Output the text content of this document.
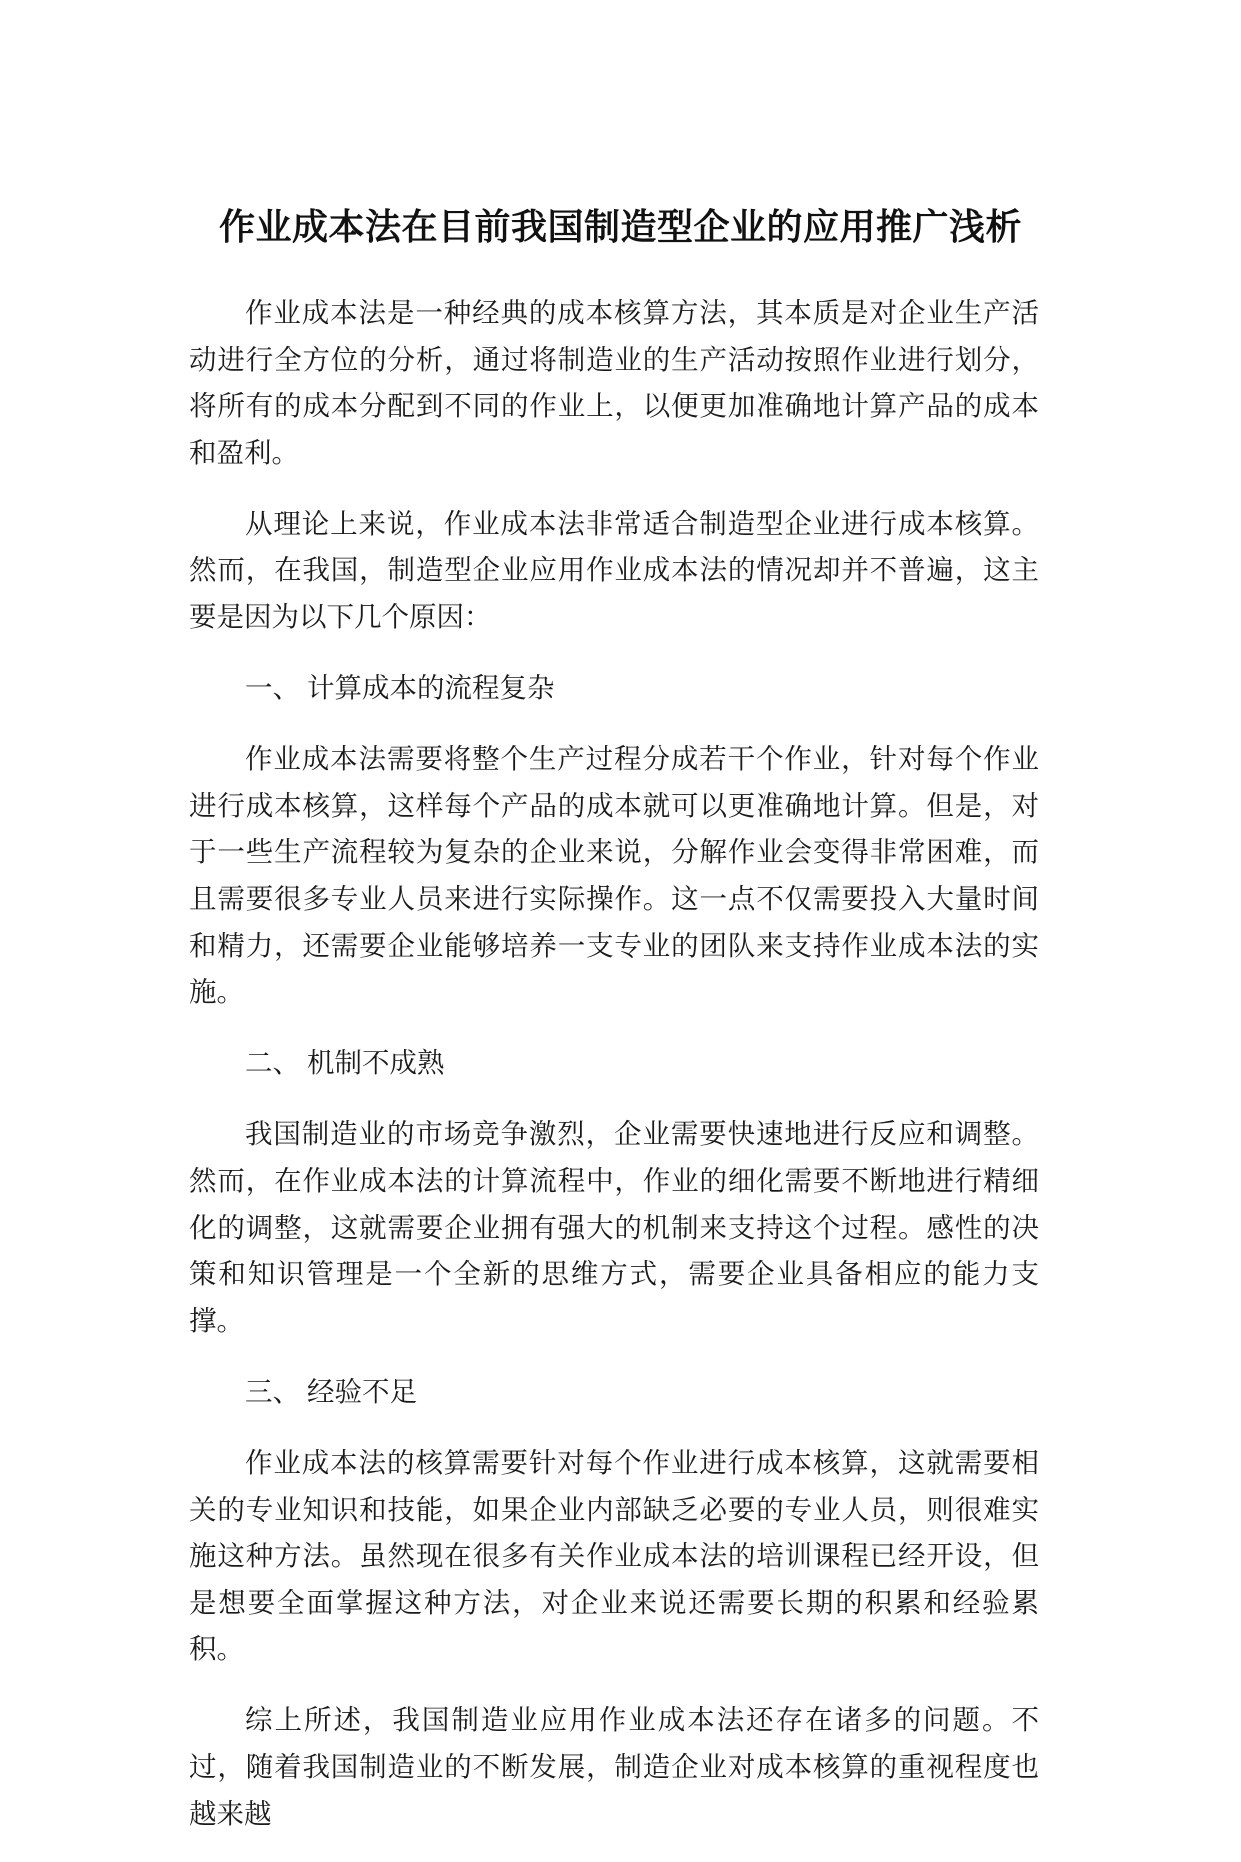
作业成本法在目前我国制造型企业的应用推广浅析

作业成本法是一种经典的成本核算方法，其本质是对企业生产活动进行全方位的分析，通过将制造业的生产活动按照作业进行划分，将所有的成本分配到不同的作业上，以便更加准确地计算产品的成本和盈利。

从理论上来说，作业成本法非常适合制造型企业进行成本核算。然而，在我国，制造型企业应用作业成本法的情况却并不普遍，这主要是因为以下几个原因：

一、 计算成本的流程复杂

作业成本法需要将整个生产过程分成若干个作业，针对每个作业进行成本核算，这样每个产品的成本就可以更准确地计算。但是，对于一些生产流程较为复杂的企业来说，分解作业会变得非常困难，而且需要很多专业人员来进行实际操作。这一点不仅需要投入大量时间和精力，还需要企业能够培养一支专业的团队来支持作业成本法的实施。

二、 机制不成熟

我国制造业的市场竞争激烈，企业需要快速地进行反应和调整。然而，在作业成本法的计算流程中，作业的细化需要不断地进行精细化的调整，这就需要企业拥有强大的机制来支持这个过程。感性的决策和知识管理是一个全新的思维方式，需要企业具备相应的能力支撑。

三、 经验不足

作业成本法的核算需要针对每个作业进行成本核算，这就需要相关的专业知识和技能，如果企业内部缺乏必要的专业人员，则很难实施这种方法。虽然现在很多有关作业成本法的培训课程已经开设，但是想要全面掌握这种方法，对企业来说还需要长期的积累和经验累积。

综上所述，我国制造业应用作业成本法还存在诸多的问题。不过，随着我国制造业的不断发展，制造企业对成本核算的重视程度也越来越
